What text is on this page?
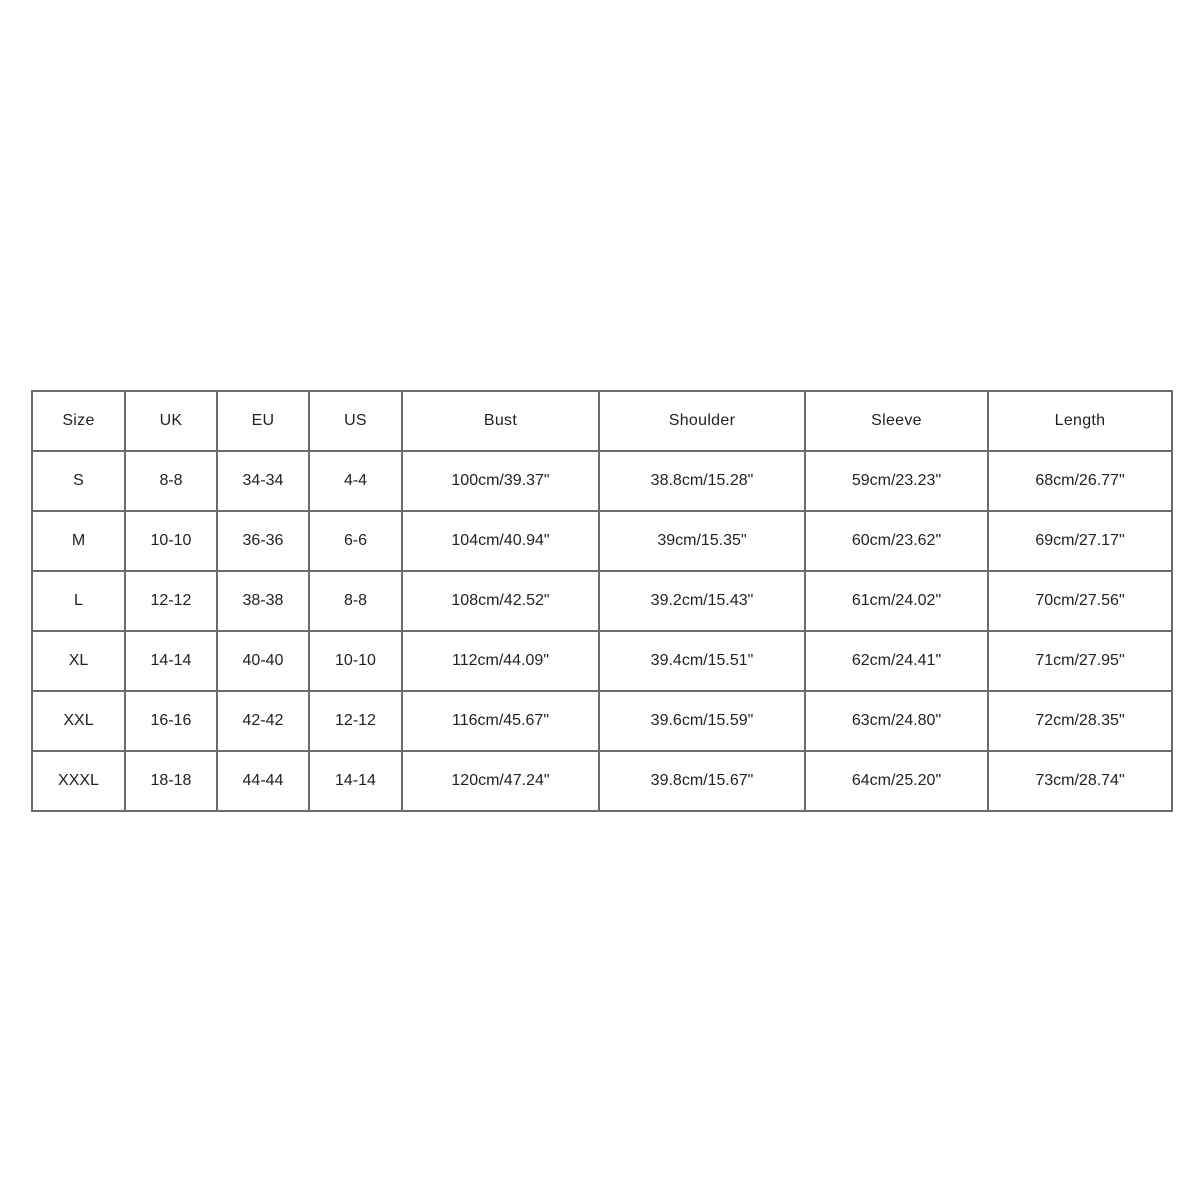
Size	UK	EU	US	Bust	Shoulder	Sleeve	Length
S	8-8	34-34	4-4	100cm/39.37"	38.8cm/15.28"	59cm/23.23"	68cm/26.77"
M	10-10	36-36	6-6	104cm/40.94"	39cm/15.35"	60cm/23.62"	69cm/27.17"
L	12-12	38-38	8-8	108cm/42.52"	39.2cm/15.43"	61cm/24.02"	70cm/27.56"
XL	14-14	40-40	10-10	112cm/44.09"	39.4cm/15.51"	62cm/24.41"	71cm/27.95"
XXL	16-16	42-42	12-12	116cm/45.67"	39.6cm/15.59"	63cm/24.80"	72cm/28.35"
XXXL	18-18	44-44	14-14	120cm/47.24"	39.8cm/15.67"	64cm/25.20"	73cm/28.74"
